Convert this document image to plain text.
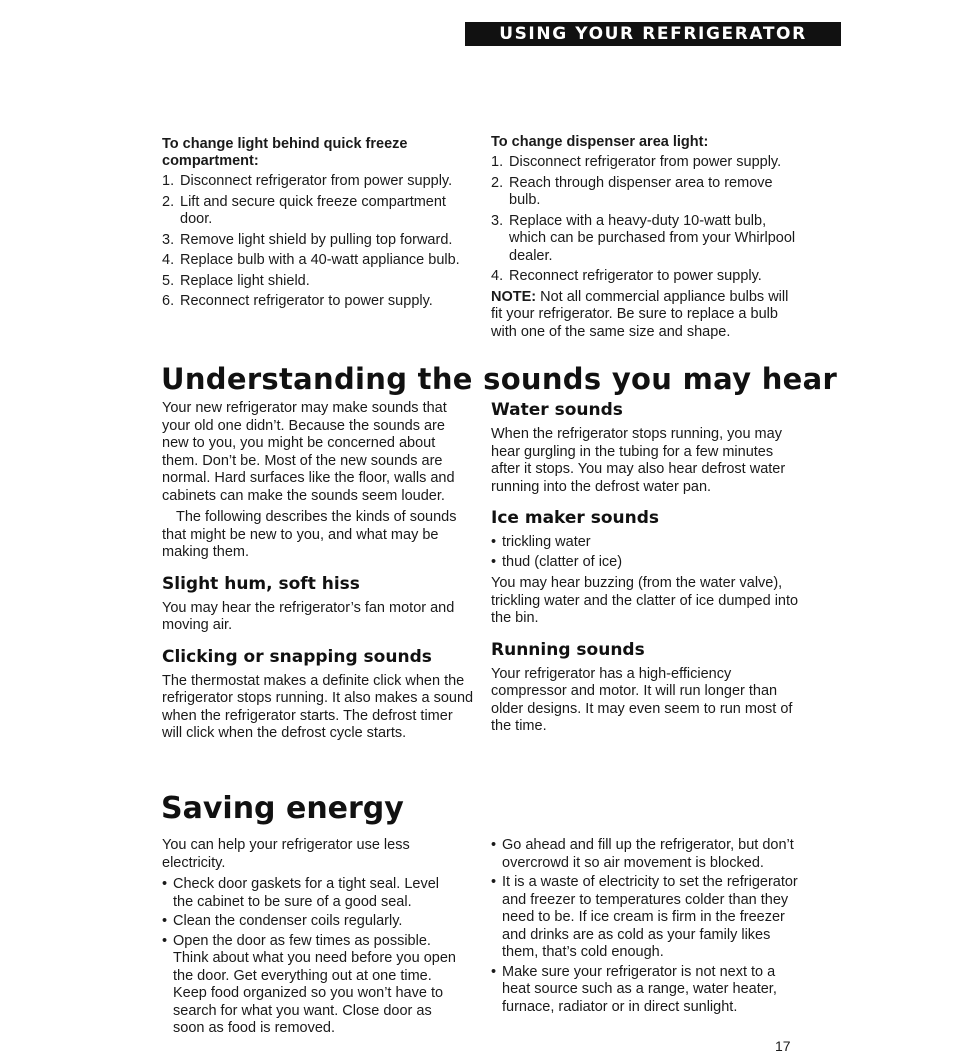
USING YOUR REFRIGERATOR
To change light behind quick freeze compartment:
1. Disconnect refrigerator from power supply.
2. Lift and secure quick freeze compartment door.
3. Remove light shield by pulling top forward.
4. Replace bulb with a 40-watt appliance bulb.
5. Replace light shield.
6. Reconnect refrigerator to power supply.
To change dispenser area light:
1. Disconnect refrigerator from power supply.
2. Reach through dispenser area to remove bulb.
3. Replace with a heavy-duty 10-watt bulb, which can be purchased from your Whirlpool dealer.
4. Reconnect refrigerator to power supply.

NOTE: Not all commercial appliance bulbs will fit your refrigerator. Be sure to replace a bulb with one of the same size and shape.

Understanding the sounds you may hear

Your new refrigerator may make sounds that your old one didn’t. Because the sounds are new to you, you might be concerned about them. Don’t be. Most of the new sounds are normal. Hard surfaces like the floor, walls and cabinets can make the sounds seem louder.

The following describes the kinds of sounds that might be new to you, and what may be making them.

Slight hum, soft hiss

You may hear the refrigerator’s fan motor and moving air.

Clicking or snapping sounds

The thermostat makes a definite click when the refrigerator stops running. It also makes a sound when the refrigerator starts. The defrost timer will click when the defrost cycle starts.

Water sounds

When the refrigerator stops running, you may hear gurgling in the tubing for a few minutes after it stops. You may also hear defrost water running into the defrost water pan.

Ice maker sounds
• trickling water
• thud (clatter of ice)

You may hear buzzing (from the water valve), trickling water and the clatter of ice dumped into the bin.

Running sounds

Your refrigerator has a high-efficiency compressor and motor. It will run longer than older designs. It may even seem to run most of the time.

Saving energy

You can help your refrigerator use less electricity.

• Check door gaskets for a tight seal. Level the cabinet to be sure of a good seal.
• Clean the condenser coils regularly.
• Open the door as few times as possible. Think about what you need before you open the door. Get everything out at one time. Keep food organized so you won’t have to search for what you want. Close door as soon as food is removed.
• Go ahead and fill up the refrigerator, but don’t overcrowd it so air movement is blocked.
• It is a waste of electricity to set the refrigerator and freezer to temperatures colder than they need to be. If ice cream is firm in the freezer and drinks are as cold as your family likes them, that’s cold enough.
• Make sure your refrigerator is not next to a heat source such as a range, water heater, furnace, radiator or in direct sunlight.
17
